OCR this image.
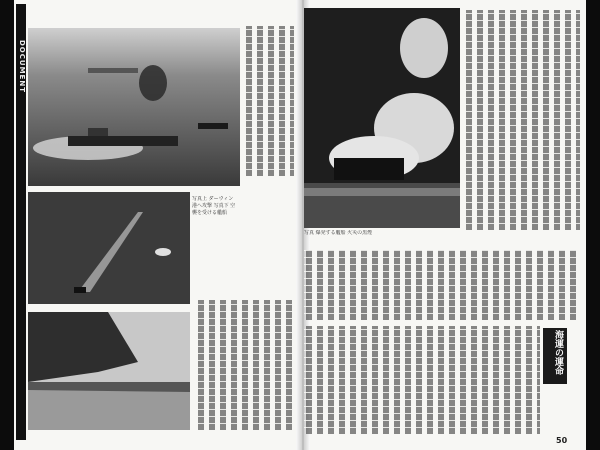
DOCUMENT
写真上 ダーウィン港へ攻撃 写真下 空襲を受ける艦船
写真 爆発する艦船 火災の黒煙
海運の運命
50
